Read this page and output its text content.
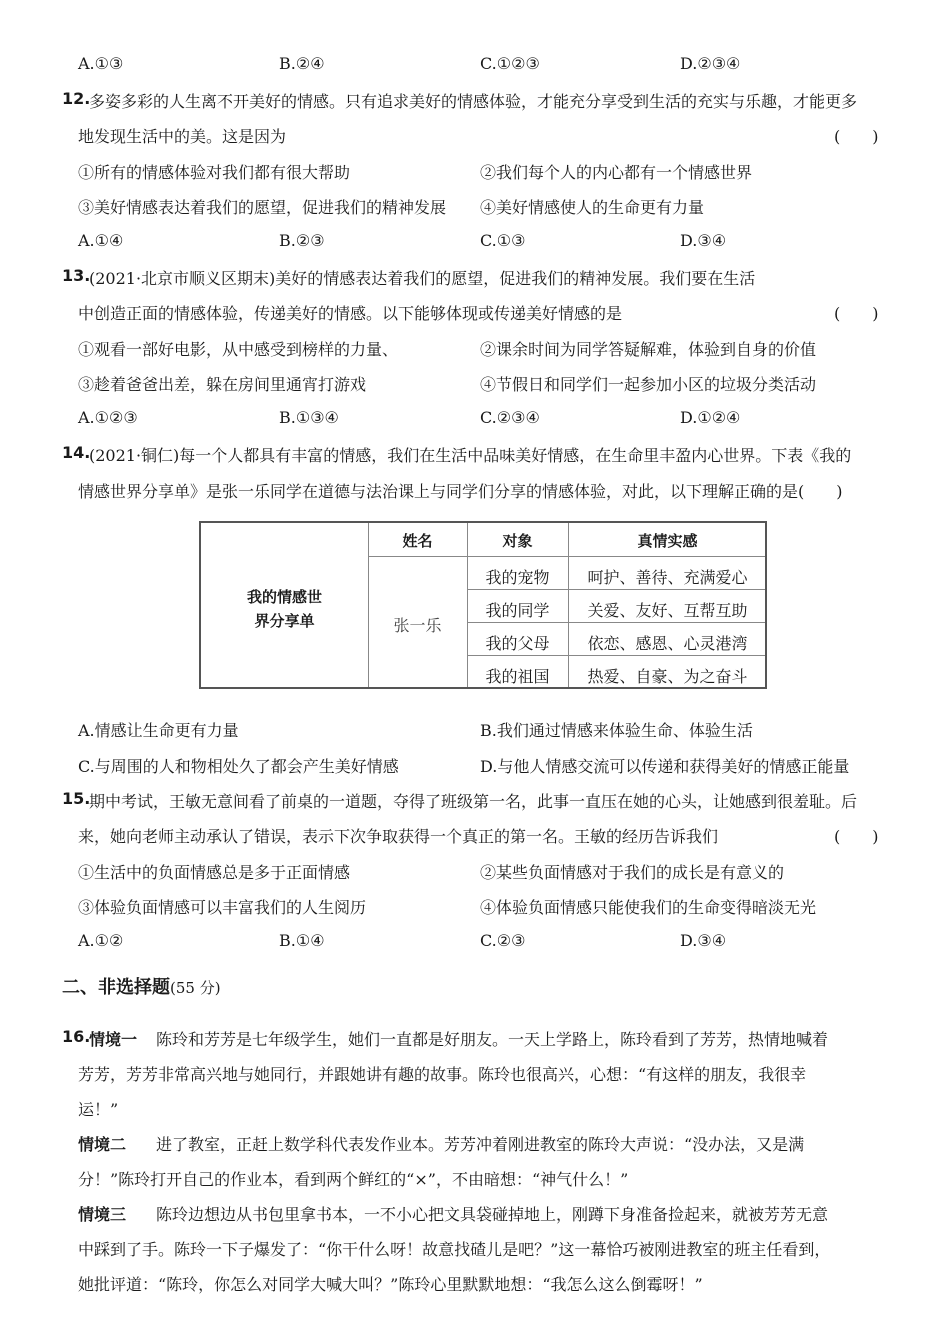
A.①③	B.②④	C.①②③	D.②③④
12.
多姿多彩的人生离不开美好的情感。只有追求美好的情感体验，才能充分享受到生活的充实与乐趣，才能更多
地发现生活中的美。这是因为	(　　)
①所有的情感体验对我们都有很大帮助	②我们每个人的内心都有一个情感世界
③美好情感表达着我们的愿望，促进我们的精神发展 ④美好情感使人的生命更有力量
A.①④	B.②③	C.①③	D.③④
13.
(2021·北京市顺义区期末)美好的情感表达着我们的愿望，促进我们的精神发展。我们要在生活
中创造正面的情感体验，传递美好的情感。以下能够体现或传递美好情感的是	(　　)
①观看一部好电影，从中感受到榜样的力量、	②课余时间为同学答疑解难，体验到自身的价值
③趁着爸爸出差，躲在房间里通宵打游戏	④节假日和同学们一起参加小区的垃圾分类活动
A.①②③	B.①③④	C.②③④	D.①②④
14.
(2021·铜仁)每一个人都具有丰富的情感，我们在生活中品味美好情感，在生命里丰盈内心世界。下表《我的
情感世界分享单》是张一乐同学在道德与法治课上与同学们分享的情感体验，对此，以下理解正确的是(　　)
我的情感世
界分享单
姓名	对象	真情实感
张一乐
我的宠物	呵护、善待、充满爱心
我的同学	关爱、友好、互帮互助
我的父母	依恋、感恩、心灵港湾
我的祖国	热爱、自豪、为之奋斗
A.情感让生命更有力量	B.我们通过情感来体验生命、体验生活
C.与周围的人和物相处久了都会产生美好情感	D.与他人情感交流可以传递和获得美好的情感正能量
15.
期中考试，王敏无意间看了前桌的一道题，夺得了班级第一名，此事一直压在她的心头，让她感到很羞耻。后
来，她向老师主动承认了错误，表示下次争取获得一个真正的第一名。王敏的经历告诉我们	(　　)
①生活中的负面情感总是多于正面情感	②某些负面情感对于我们的成长是有意义的
③体验负面情感可以丰富我们的人生阅历	④体验负面情感只能使我们的生命变得暗淡无光
A.①②	B.①④	C.②③	D.③④
二、非选择题(55 分)
16.
情境一 陈玲和芳芳是七年级学生，她们一直都是好朋友。一天上学路上，陈玲看到了芳芳，热情地喊着
芳芳，芳芳非常高兴地与她同行，并跟她讲有趣的故事。陈玲也很高兴，心想：“有这样的朋友，我很幸
运！”
情境二 进了教室，正赶上数学科代表发作业本。芳芳冲着刚进教室的陈玲大声说：“没办法，又是满
分！”陈玲打开自己的作业本，看到两个鲜红的“×”，不由暗想：“神气什么！”
情境三 陈玲边想边从书包里拿书本，一不小心把文具袋碰掉地上，刚蹲下身准备捡起来，就被芳芳无意
中踩到了手。陈玲一下子爆发了：“你干什么呀！故意找碴儿是吧？”这一幕恰巧被刚进教室的班主任看到，
她批评道：“陈玲，你怎么对同学大喊大叫？”陈玲心里默默地想：“我怎么这么倒霉呀！”
